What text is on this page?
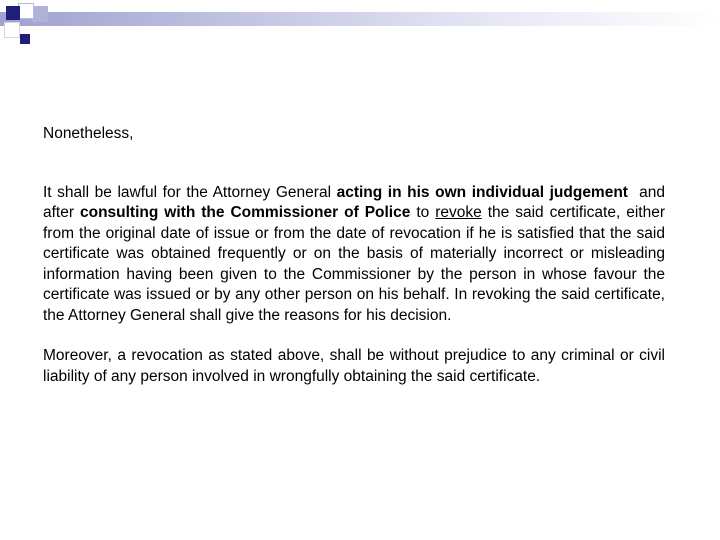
Nonetheless,

It shall be lawful for the Attorney General acting in his own individual judgement  and after consulting with the Commissioner of Police to revoke the said certificate, either from the original date of issue or from the date of revocation if he is satisfied that the said certificate was obtained frequently or on the basis of materially incorrect or misleading information having been given to the Commissioner by the person in whose favour the certificate was issued or by any other person on his behalf. In revoking the said certificate, the Attorney General shall give the reasons for his decision.

Moreover, a revocation as stated above, shall be without prejudice to any criminal or civil liability of any person involved in wrongfully obtaining the said certificate.
